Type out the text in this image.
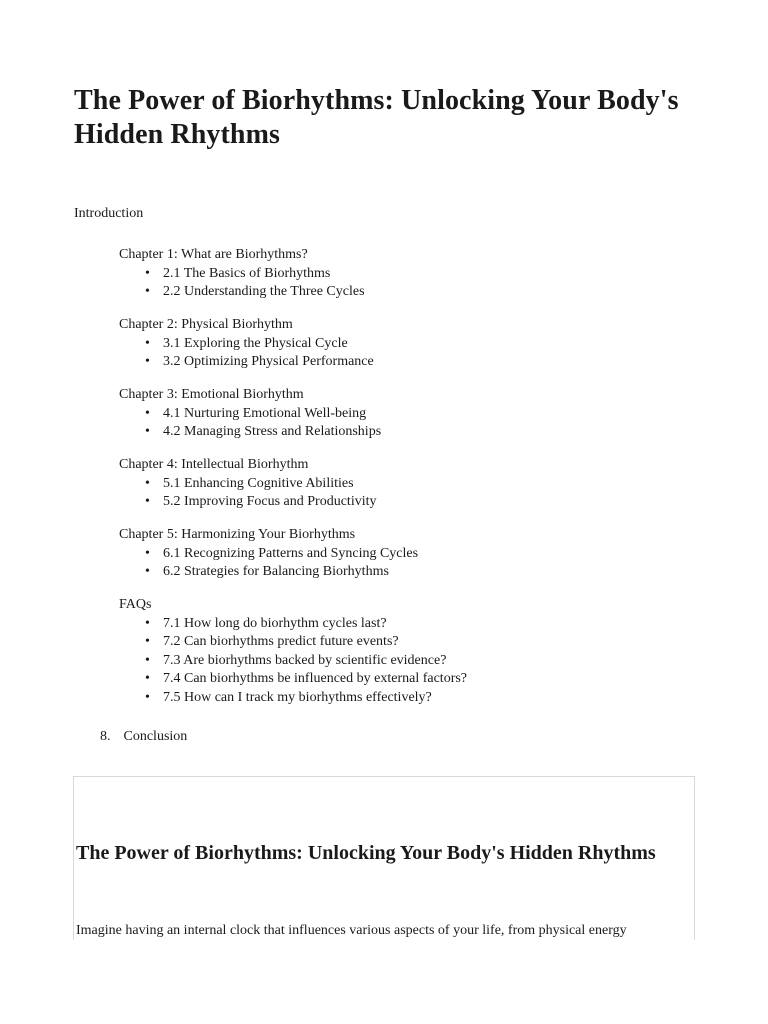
The Power of Biorhythms: Unlocking Your Body's Hidden Rhythms
Introduction
Chapter 1: What are Biorhythms?
• 2.1 The Basics of Biorhythms
• 2.2 Understanding the Three Cycles
Chapter 2: Physical Biorhythm
• 3.1 Exploring the Physical Cycle
• 3.2 Optimizing Physical Performance
Chapter 3: Emotional Biorhythm
• 4.1 Nurturing Emotional Well-being
• 4.2 Managing Stress and Relationships
Chapter 4: Intellectual Biorhythm
• 5.1 Enhancing Cognitive Abilities
• 5.2 Improving Focus and Productivity
Chapter 5: Harmonizing Your Biorhythms
• 6.1 Recognizing Patterns and Syncing Cycles
• 6.2 Strategies for Balancing Biorhythms
FAQs
• 7.1 How long do biorhythm cycles last?
• 7.2 Can biorhythms predict future events?
• 7.3 Are biorhythms backed by scientific evidence?
• 7.4 Can biorhythms be influenced by external factors?
• 7.5 How can I track my biorhythms effectively?
8. Conclusion
The Power of Biorhythms: Unlocking Your Body's Hidden Rhythms

Imagine having an internal clock that influences various aspects of your life, from physical energy
